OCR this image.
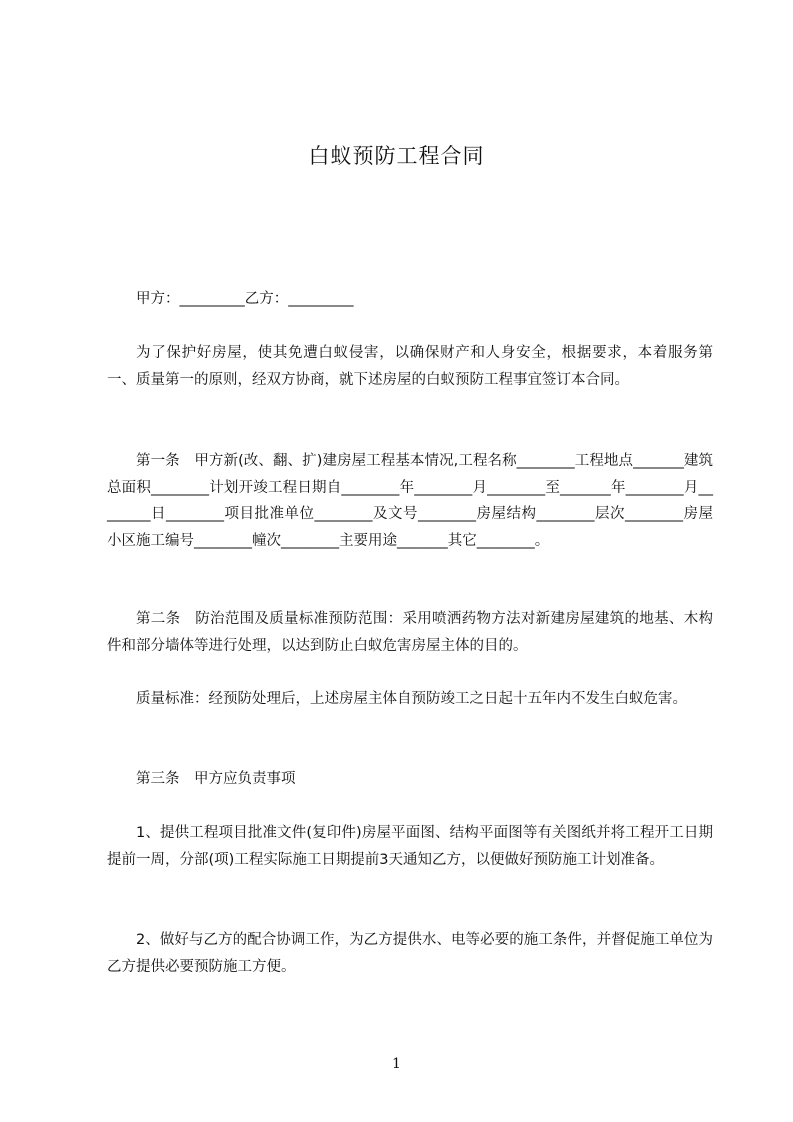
白蚁预防工程合同

甲方：_________乙方：_________

为了保护好房屋，使其免遭白蚁侵害，以确保财产和人身安全，根据要求，本着服务第一、质量第一的原则，经双方协商，就下述房屋的白蚁预防工程事宜签订本合同。

第一条　甲方新(改、翻、扩)建房屋工程基本情况,工程名称________工程地点_______建筑总面积________计划开竣工程日期自________年________月________至_______年________月________日________项目批准单位________及文号________房屋结构________层次________房屋小区施工编号________幢次________主要用途_______其它________。

第二条　防治范围及质量标准预防范围：采用喷洒药物方法对新建房屋建筑的地基、木构件和部分墙体等进行处理，以达到防止白蚁危害房屋主体的目的。

质量标准：经预防处理后，上述房屋主体自预防竣工之日起十五年内不发生白蚁危害。

第三条　甲方应负责事项

1、提供工程项目批准文件(复印件)房屋平面图、结构平面图等有关图纸并将工程开工日期提前一周，分部(项)工程实际施工日期提前3天通知乙方，以便做好预防施工计划准备。

2、做好与乙方的配合协调工作，为乙方提供水、电等必要的施工条件，并督促施工单位为乙方提供必要预防施工方便。

1
